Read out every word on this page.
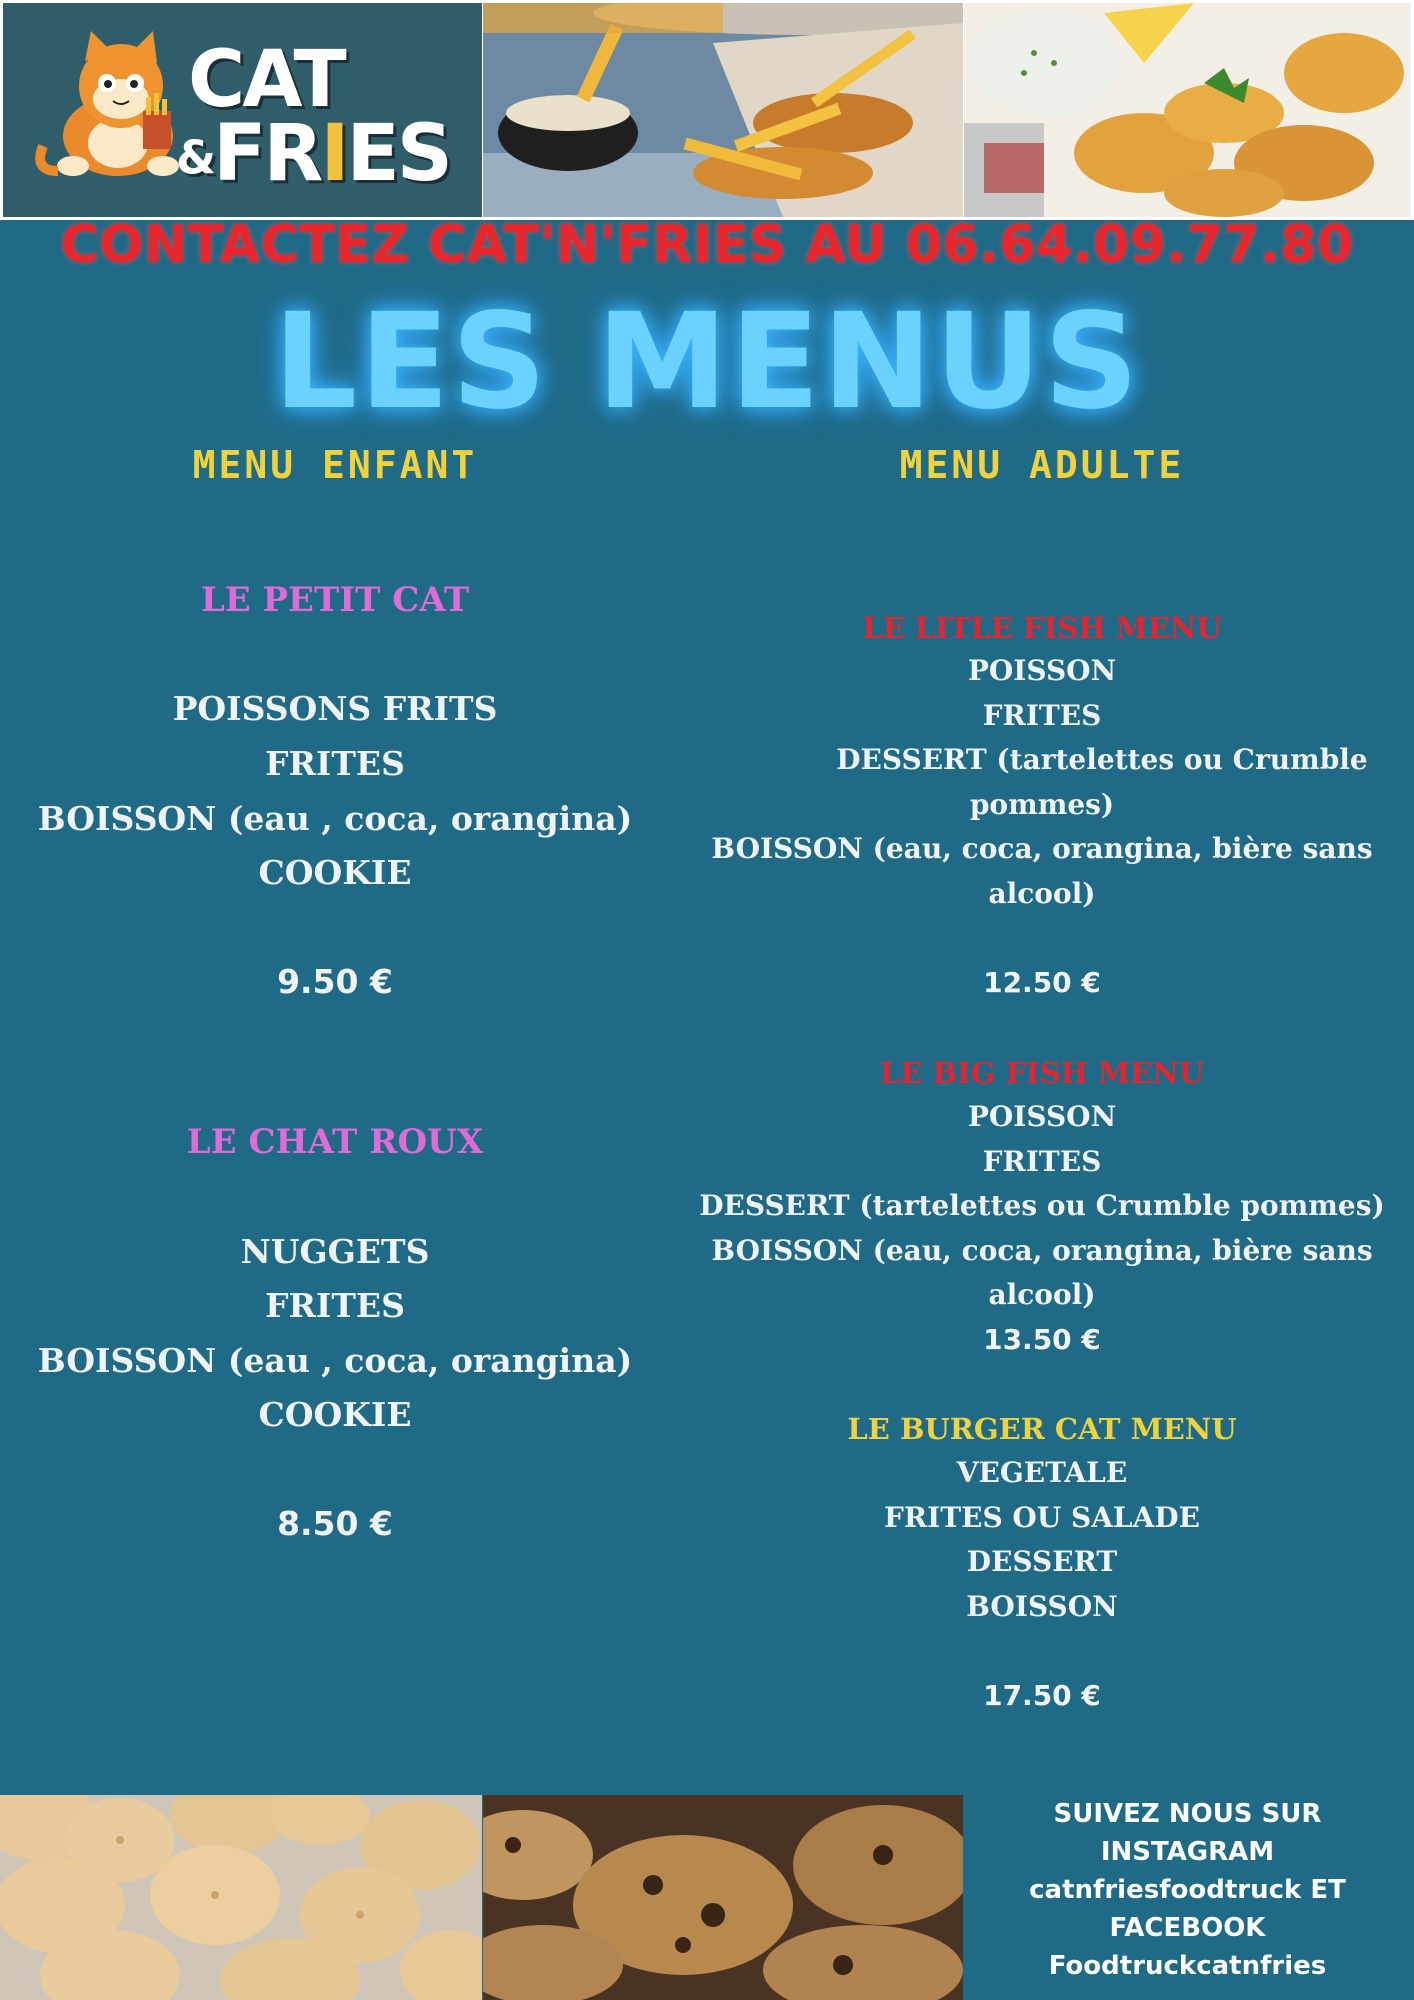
CAT
&FRIES
CONTACTEZ CAT'N'FRIES AU 06.64.09.77.80
LES MENUS
MENU ENFANT
LE PETIT CAT
POISSONS FRITS
FRITES
BOISSON (eau , coca, orangina)
COOKIE
9.50 €
LE CHAT ROUX
NUGGETS
FRITES
BOISSON (eau , coca, orangina)
COOKIE
8.50 €
MENU ADULTE
LE LITLE FISH MENU
POISSON
FRITES
DESSERT (tartelettes ou Crumble
pommes)
BOISSON (eau, coca, orangina, bière sans
alcool)
12.50 €
LE BIG FISH MENU
POISSON
FRITES
DESSERT (tartelettes ou Crumble pommes)
BOISSON (eau, coca, orangina, bière sans
alcool)
13.50 €
LE BURGER CAT MENU
VEGETALE
FRITES OU SALADE
DESSERT
BOISSON
17.50 €
SUIVEZ NOUS SUR
INSTAGRAM
catnfriesfoodtruck ET
FACEBOOK
Foodtruckcatnfries
